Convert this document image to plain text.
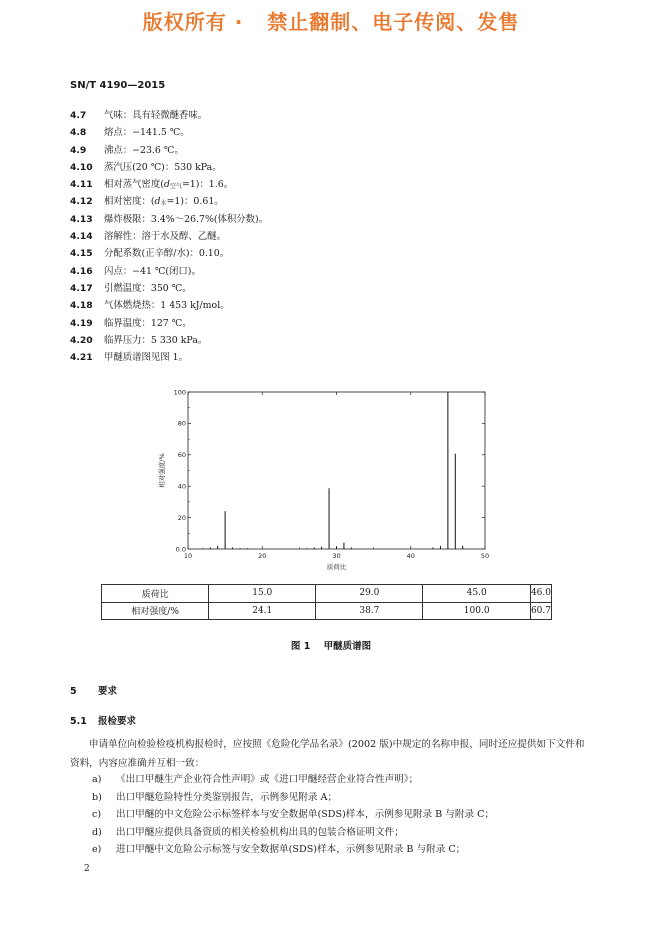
版权所有 ·   禁止翻制、电子传阅、发售
SN/T 4190—2015
4.7 气味：具有轻微醚香味。
4.8 熔点：−141.5 ℃。
4.9 沸点：−23.6 ℃。
4.10 蒸汽压(20 ℃)：530 kPa。
4.11 相对蒸气密度$(d_{空气}=1)$：1.6。
4.12 相对密度：$(d_水=1)$：0.61。
4.13 爆炸极限：3.4%～26.7%(体积分数)。
4.14 溶解性：溶于水及醇、乙醚。
4.15 分配系数(正辛醇/水)：0.10。
4.16 闪点：−41 ℃(闭口)。
4.17 引燃温度：350 ℃。
4.18 气体燃烧热：1 453 kJ/mol。
4.19 临界温度：127 ℃。
4.20 临界压力：5 330 kPa。
4.21 甲醚质谱图见图 1。
0.0
20
40
60
80
100
10	20	30	40	50
质荷比
相对强度/%
质荷比	15.0	29.0	45.0	46.0
相对强度/%	24.1	38.7	100.0	60.7
图 1    甲醚质谱图
5 要求
5.1 报检要求
申请单位向检验检疫机构报检时，应按照《危险化学品名录》(2002 版)中规定的名称申报，同时还应提供如下文件和资料，内容应准确并互相一致：
a) 《出口甲醚生产企业符合性声明》或《进口甲醚经营企业符合性声明》；
b) 出口甲醚危险特性分类鉴别报告，示例参见附录 A；
c) 出口甲醚的中文危险公示标签样本与安全数据单(SDS)样本，示例参见附录 B 与附录 C；
d) 出口甲醚应提供具备资质的相关检验机构出具的包装合格证明文件；
e) 进口甲醚中文危险公示标签与安全数据单(SDS)样本，示例参见附录 B 与附录 C；
2
